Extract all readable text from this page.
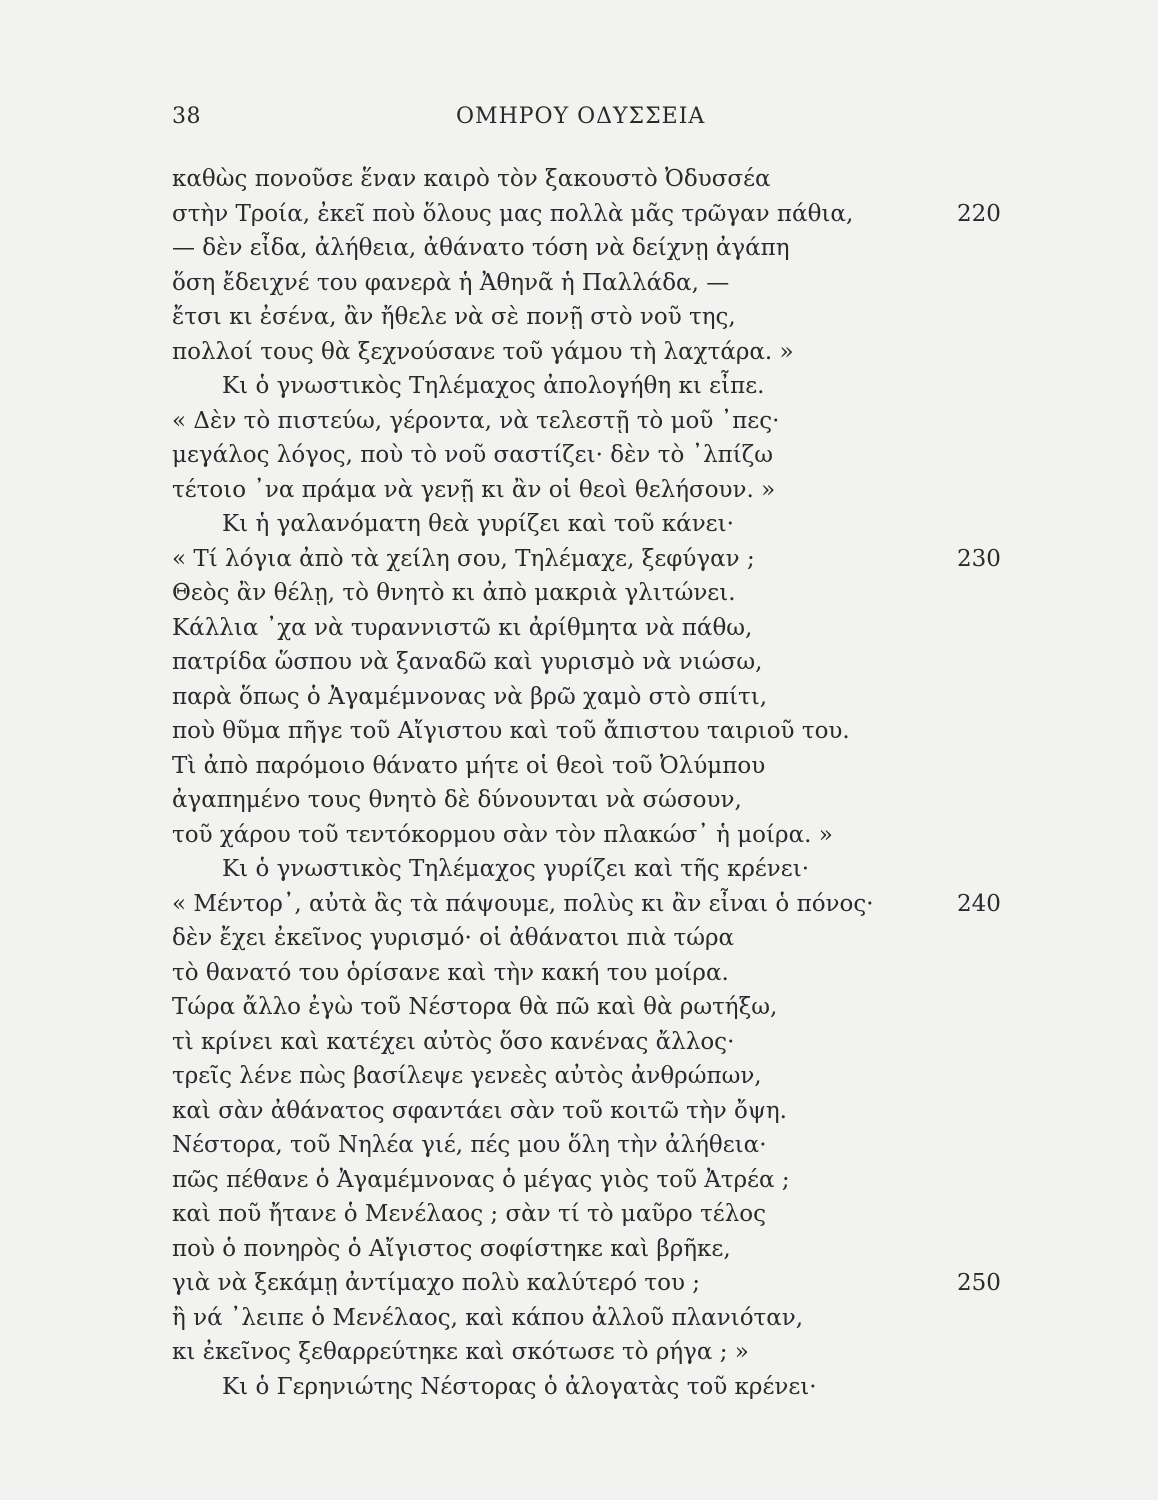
38	ΟΜΗΡΟΥ ΟΔΥΣΣΕΙΑ
καθὼς πονοῦσε ἕναν καιρὸ τὸν ξακουστὸ Ὀδυσσέα
στὴν Τροία, ἐκεῖ ποὺ ὅλους μας πολλὰ μᾶς τρῶγαν πάθια,	220
— δὲν εἶδα, ἀλήθεια, ἀθάνατο τόση νὰ δείχνῃ ἀγάπη
ὅση ἔδειχνέ του φανερὰ ἡ Ἀθηνᾶ ἡ Παλλάδα, —
ἔτσι κι ἐσένα, ἂν ἤθελε νὰ σὲ πονῇ στὸ νοῦ της,
πολλοί τους θὰ ξεχνούσανε τοῦ γάμου τὴ λαχτάρα. »
Κι ὁ γνωστικὸς Τηλέμαχος ἀπολογήθη κι εἶπε.
« Δὲν τὸ πιστεύω, γέροντα, νὰ τελεστῇ τὸ μοῦ ᾽πες·
μεγάλος λόγος, ποὺ τὸ νοῦ σαστίζει· δὲν τὸ ᾽λπίζω
τέτοιο ᾽να πράμα νὰ γενῇ κι ἂν οἱ θεοὶ θελήσουν. »
Κι ἡ γαλανόματη θεὰ γυρίζει καὶ τοῦ κάνει·
« Τί λόγια ἀπὸ τὰ χείλη σου, Τηλέμαχε, ξεφύγαν ;	230
Θεὸς ἂν θέλῃ, τὸ θνητὸ κι ἀπὸ μακριὰ γλιτώνει.
Κάλλια ᾽χα νὰ τυραννιστῶ κι ἀρίθμητα νὰ πάθω,
πατρίδα ὥσπου νὰ ξαναδῶ καὶ γυρισμὸ νὰ νιώσω,
παρὰ ὅπως ὁ Ἀγαμέμνονας νὰ βρῶ χαμὸ στὸ σπίτι,
ποὺ θῦμα πῆγε τοῦ Αἴγιστου καὶ τοῦ ἄπιστου ταιριοῦ του.
Τὶ ἀπὸ παρόμοιο θάνατο μήτε οἱ θεοὶ τοῦ Ὀλύμπου
ἀγαπημένο τους θνητὸ δὲ δύνουνται νὰ σώσουν,
τοῦ χάρου τοῦ τεντόκορμου σὰν τὸν πλακώσ᾽ ἡ μοίρα. »
Κι ὁ γνωστικὸς Τηλέμαχος γυρίζει καὶ τῆς κρένει·
« Μέντορ᾽, αὐτὰ ἂς τὰ πάψουμε, πολὺς κι ἂν εἶναι ὁ πόνος·	240
δὲν ἔχει ἐκεῖνος γυρισμό· οἱ ἀθάνατοι πιὰ τώρα
τὸ θανατό του ὁρίσανε καὶ τὴν κακή του μοίρα.
Τώρα ἄλλο ἐγὼ τοῦ Νέστορα θὰ πῶ καὶ θὰ ρωτήξω,
τὶ κρίνει καὶ κατέχει αὐτὸς ὅσο κανένας ἄλλος·
τρεῖς λένε πὼς βασίλεψε γενεὲς αὐτὸς ἀνθρώπων,
καὶ σὰν ἀθάνατος σφαντάει σὰν τοῦ κοιτῶ τὴν ὄψη.
Νέστορα, τοῦ Νηλέα γιέ, πές μου ὅλη τὴν ἀλήθεια·
πῶς πέθανε ὁ Ἀγαμέμνονας ὁ μέγας γιὸς τοῦ Ἀτρέα ;
καὶ ποῦ ἤτανε ὁ Μενέλαος ; σὰν τί τὸ μαῦρο τέλος
ποὺ ὁ πονηρὸς ὁ Αἴγιστος σοφίστηκε καὶ βρῆκε,
γιὰ νὰ ξεκάμῃ ἀντίμαχο πολὺ καλύτερό του ;	250
ἢ νά ᾽λειπε ὁ Μενέλαος, καὶ κάπου ἀλλοῦ πλανιόταν,
κι ἐκεῖνος ξεθαρρεύτηκε καὶ σκότωσε τὸ ρήγα ; »
Κι ὁ Γερηνιώτης Νέστορας ὁ ἀλογατὰς τοῦ κρένει·
